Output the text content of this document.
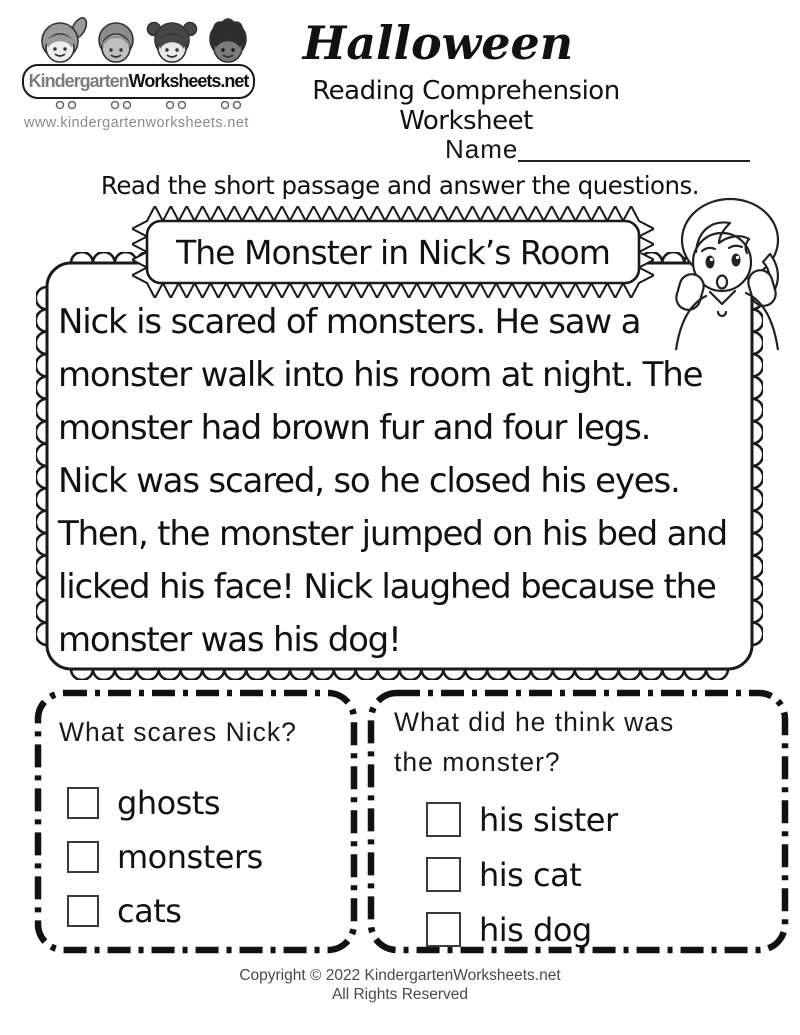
KindergartenWorksheets.net
www.kindergartenworksheets.net
Halloween
Reading Comprehension Worksheet
Name
Read the short passage and answer the questions.
Nick is scared of monsters. He saw a
monster walk into his room at night. The
monster had brown fur and four legs.
Nick was scared, so he closed his eyes.
Then, the monster jumped on his bed and
licked his face! Nick laughed because the
monster was his dog!
The Monster in Nick’s Room
What scares Nick?
ghosts
monsters
cats
What did he think was the monster?
his sister
his cat
his dog
Copyright © 2022 KindergartenWorksheets.net
All Rights Reserved
